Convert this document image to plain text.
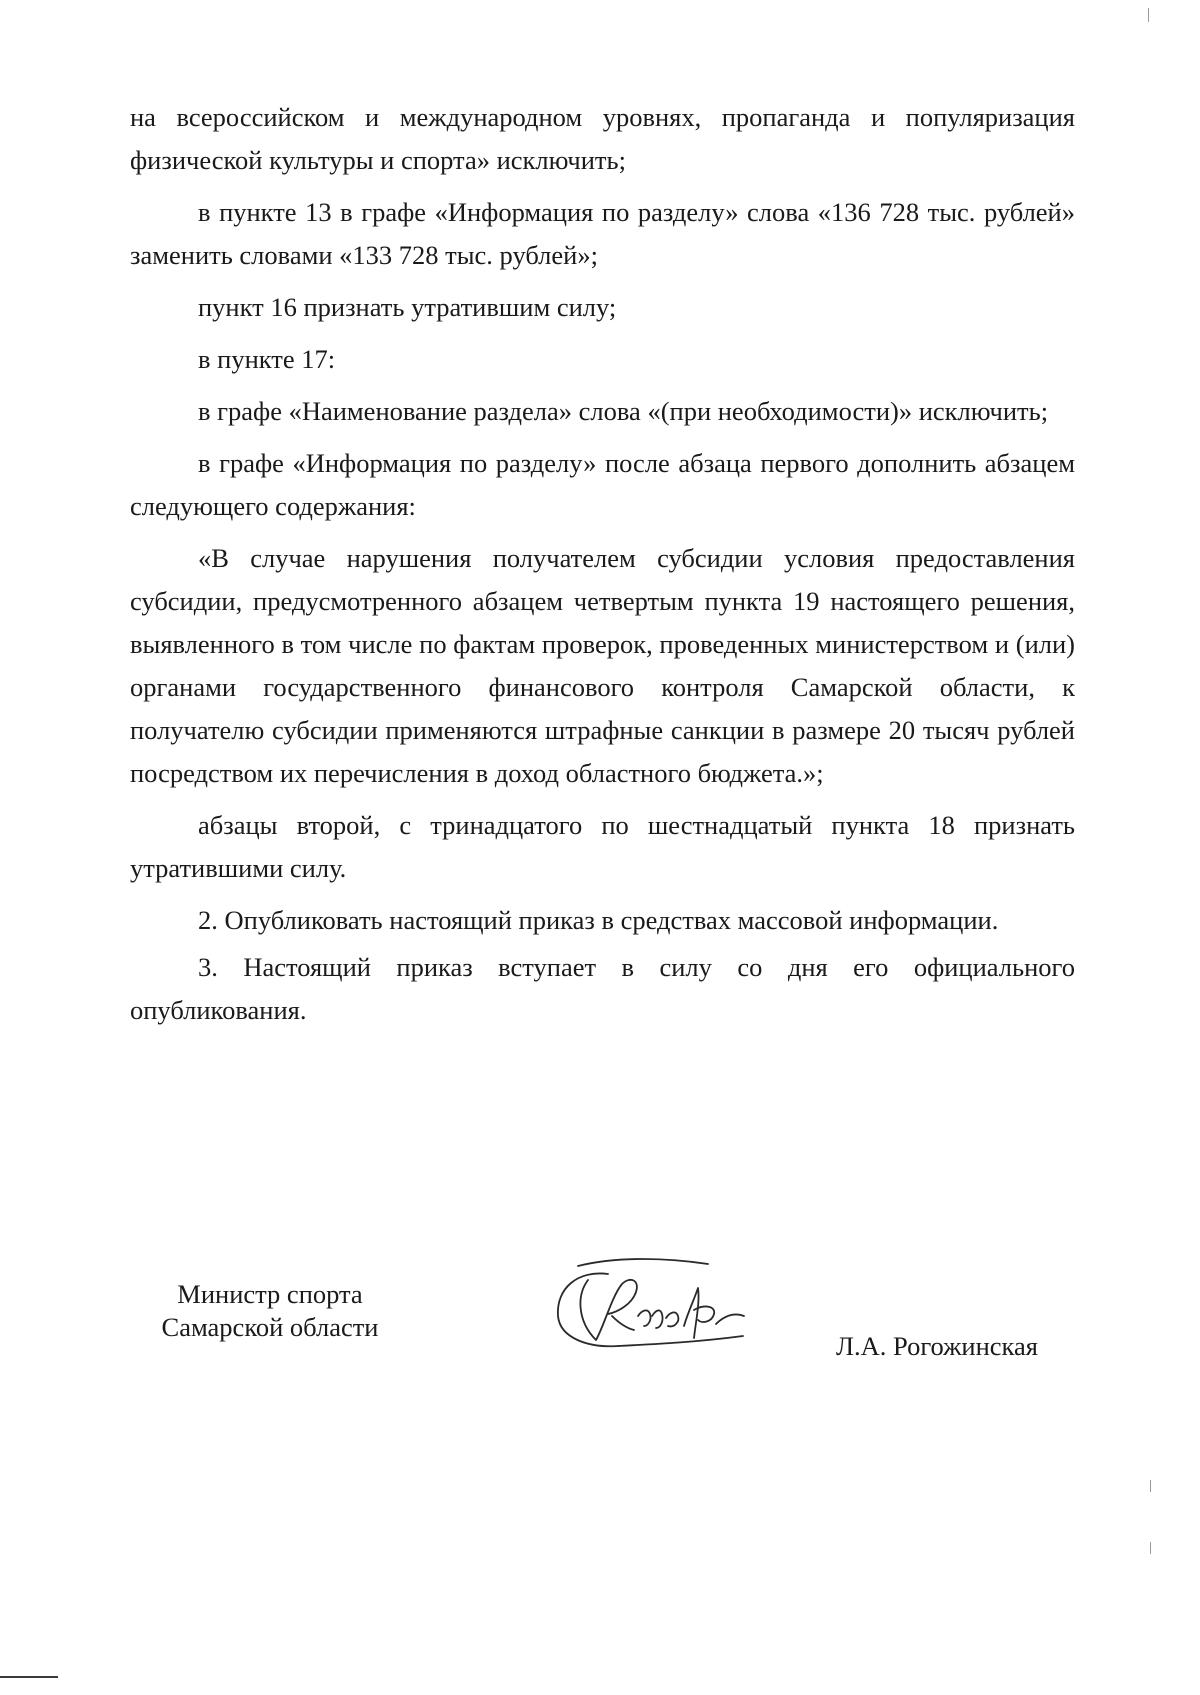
на всероссийском и международном уровнях, пропаганда и популяризация физической культуры и спорта» исключить;

в пункте 13 в графе «Информация по разделу» слова «136 728 тыс. рублей» заменить словами «133 728 тыс. рублей»;

пункт 16 признать утратившим силу;

в пункте 17:

в графе «Наименование раздела» слова «(при необходимости)» исключить;

в графе «Информация по разделу» после абзаца первого дополнить абзацем следующего содержания:

«В случае нарушения получателем субсидии условия предоставления субсидии, предусмотренного абзацем четвертым пункта 19 настоящего решения, выявленного в том числе по фактам проверок, проведенных министерством и (или) органами государственного финансового контроля Самарской области, к получателю субсидии применяются штрафные санкции в размере 20 тысяч рублей посредством их перечисления в доход областного бюджета.»;

абзацы второй, с тринадцатого по шестнадцатый пункта 18 признать утратившими силу.

2. Опубликовать настоящий приказ в средствах массовой информации.

3. Настоящий приказ вступает в силу со дня его официального опубликования.

Министр спорта
Самарской области
Л.А. Рогожинская
